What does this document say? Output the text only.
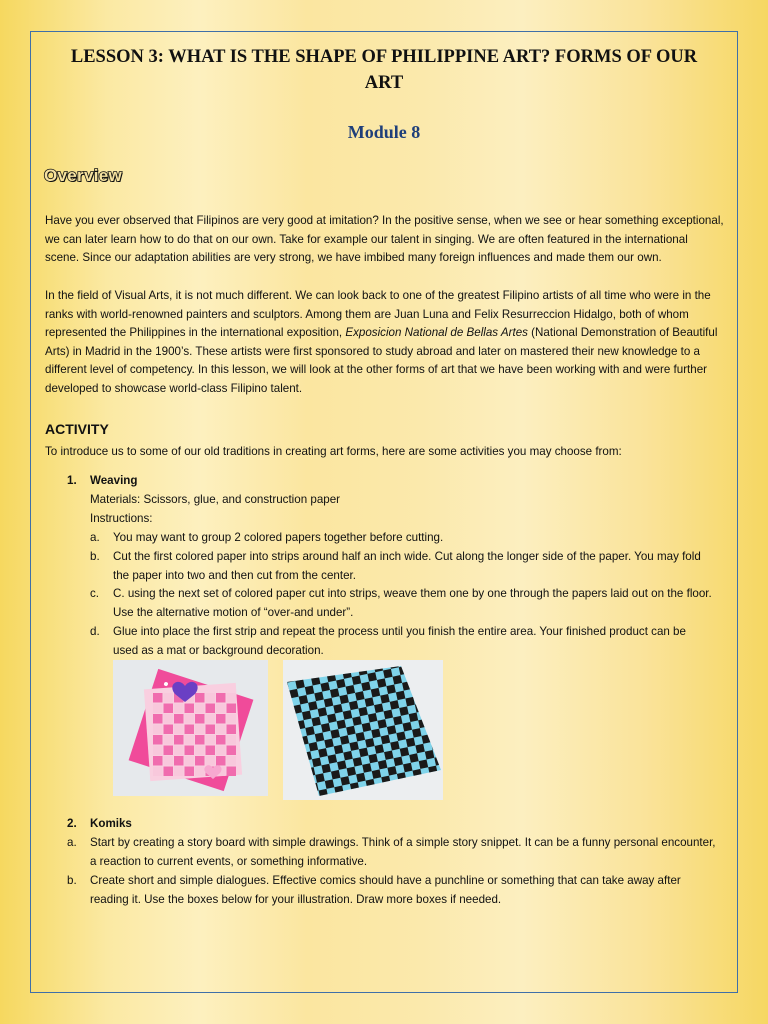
LESSON 3: WHAT IS THE SHAPE OF PHILIPPINE ART? FORMS OF OUR ART
Module 8
Overview

Have you ever observed that Filipinos are very good at imitation? In the positive sense, when we see or hear something exceptional, we can later learn how to do that on our own. Take for example our talent in singing. We are often featured in the international scene. Since our adaptation abilities are very strong, we have imbibed many foreign influences and made them our own.

In the field of Visual Arts, it is not much different. We can look back to one of the greatest Filipino artists of all time who were in the ranks with world-renowned painters and sculptors. Among them are Juan Luna and Felix Resurreccion Hidalgo, both of whom represented the Philippines in the international exposition, Exposicion National de Bellas Artes (National Demonstration of Beautiful Arts) in Madrid in the 1900’s. These artists were first sponsored to study abroad and later on mastered their new knowledge to a different level of competency. In this lesson, we will look at the other forms of art that we have been working with and were further developed to showcase world-class Filipino talent.

ACTIVITY

To introduce us to some of our old traditions in creating art forms, here are some activities you may choose from:

1. Weaving

Materials: Scissors, glue, and construction paper

Instructions:

a. You may want to group 2 colored papers together before cutting.
b. Cut the first colored paper into strips around half an inch wide. Cut along the longer side of the paper. You may fold the paper into two and then cut from the center.
c. C. using the next set of colored paper cut into strips, weave them one by one through the papers laid out on the floor. Use the alternative motion of “over-and under”.
d. Glue into place the first strip and repeat the process until you finish the entire area. Your finished product can be used as a mat or background decoration.

2. Komiks

a. Start by creating a story board with simple drawings. Think of a simple story snippet. It can be a funny personal encounter, a reaction to current events, or something informative.
b. Create short and simple dialogues. Effective comics should have a punchline or something that can take away after reading it. Use the boxes below for your illustration. Draw more boxes if needed.
